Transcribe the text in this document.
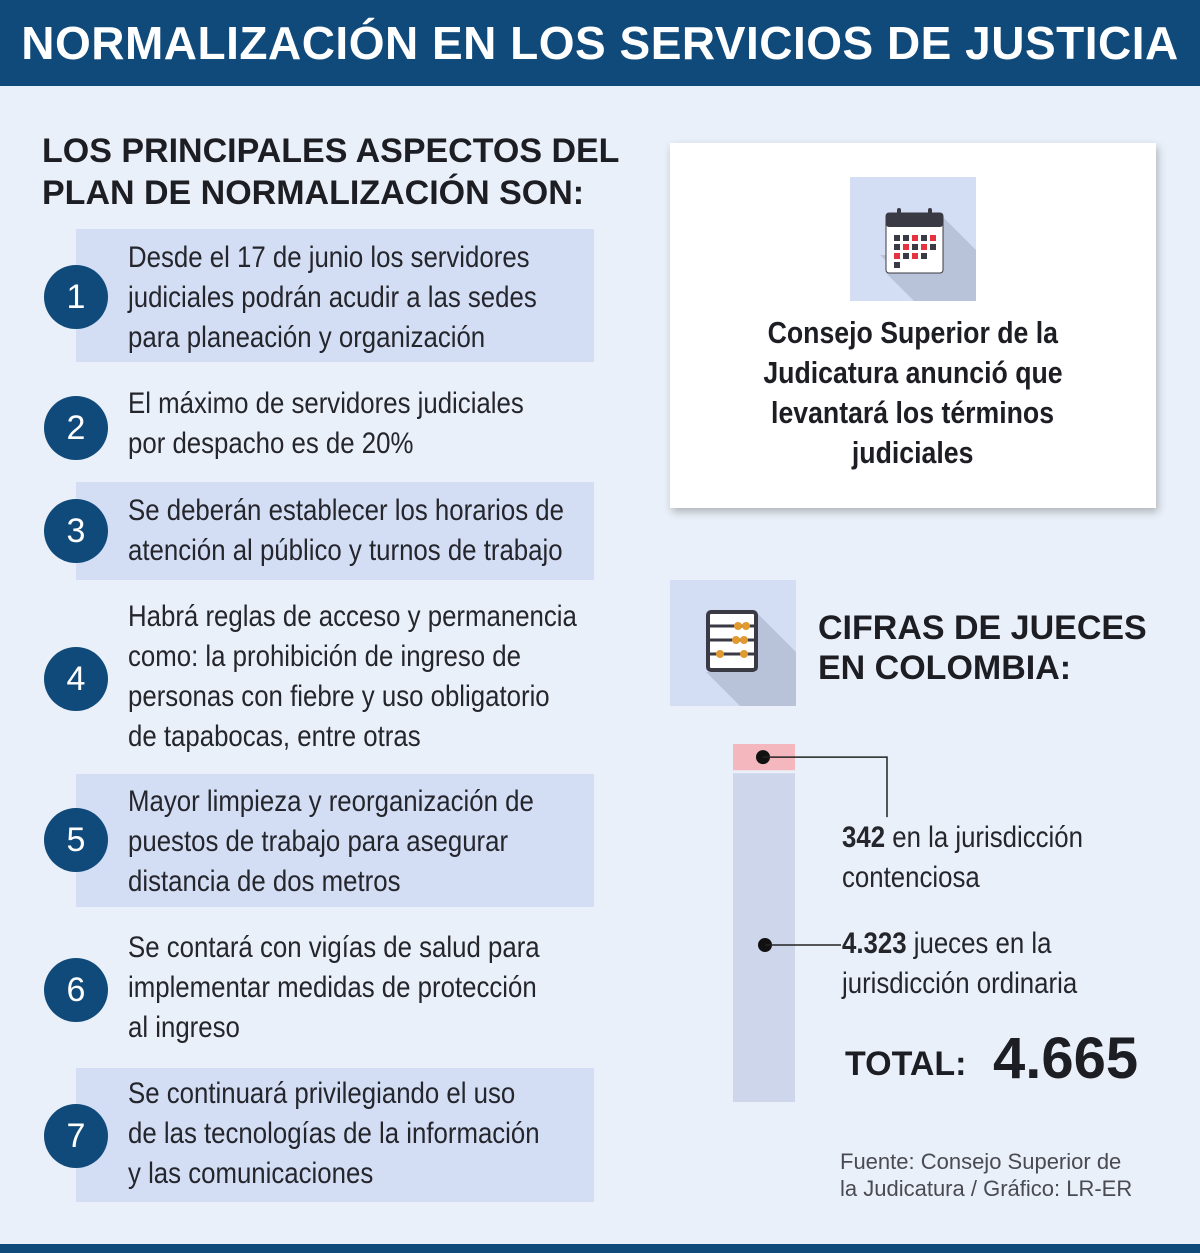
NORMALIZACIÓN EN LOS SERVICIOS DE JUSTICIA
LOS PRINCIPALES ASPECTOS DEL
PLAN DE NORMALIZACIÓN SON:
1
Desde el 17 de junio los servidores
judiciales podrán acudir a las sedes
para planeación y organización
2
El máximo de servidores judiciales
por despacho es de 20%
3
Se deberán establecer los horarios de
atención al público y turnos de trabajo
4
Habrá reglas de acceso y permanencia
como: la prohibición de ingreso de
personas con fiebre y uso obligatorio
de tapabocas, entre otras
5
Mayor limpieza y reorganización de
puestos de trabajo para asegurar
distancia de dos metros
6
Se contará con vigías de salud para
implementar medidas de protección
al ingreso
7
Se continuará privilegiando el uso
de las tecnologías de la información
y las comunicaciones
Consejo Superior de la
Judicatura anunció que
levantará los términos
judiciales
CIFRAS DE JUECES
EN COLOMBIA:
342 en la jurisdicción
contenciosa
4.323 jueces en la
jurisdicción ordinaria
TOTAL: 4.665
Fuente: Consejo Superior de
la Judicatura / Gráfico: LR-ER
